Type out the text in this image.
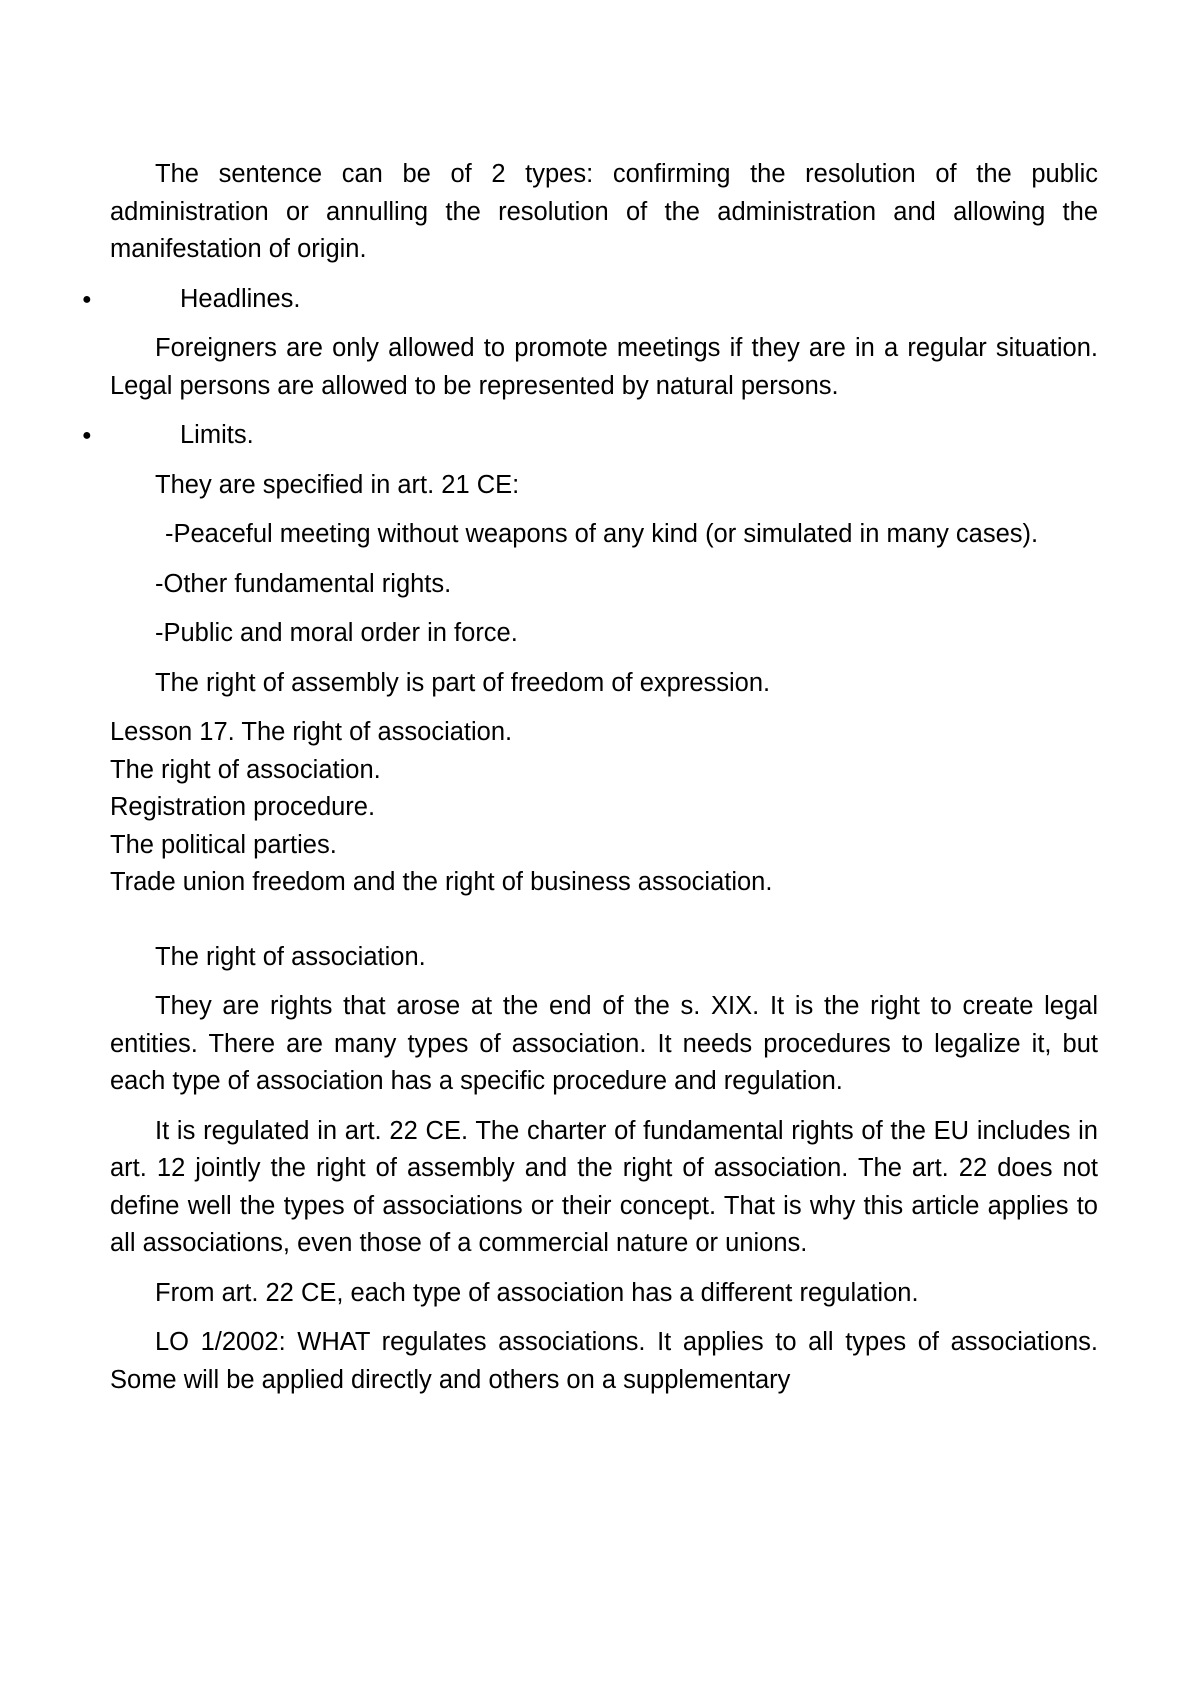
The sentence can be of 2 types: confirming the resolution of the public administration or annulling the resolution of the administration and allowing the manifestation of origin.

●	Headlines.

Foreigners are only allowed to promote meetings if they are in a regular situation. Legal persons are allowed to be represented by natural persons.

●	Limits.

They are specified in art. 21 CE:

-Peaceful meeting without weapons of any kind (or simulated in many cases).

-Other fundamental rights.

-Public and moral order in force.

The right of assembly is part of freedom of expression.

Lesson 17. The right of association.

The right of association.

Registration procedure.

The political parties.

Trade union freedom and the right of business association.

The right of association.

They are rights that arose at the end of the s. XIX. It is the right to create legal entities. There are many types of association. It needs procedures to legalize it, but each type of association has a specific procedure and regulation.

It is regulated in art. 22 CE. The charter of fundamental rights of the EU includes in art. 12 jointly the right of assembly and the right of association. The art. 22 does not define well the types of associations or their concept. That is why this article applies to all associations, even those of a commercial nature or unions.

From art. 22 CE, each type of association has a different regulation.

LO 1/2002: WHAT regulates associations. It applies to all types of associations. Some will be applied directly and others on a supplementary
